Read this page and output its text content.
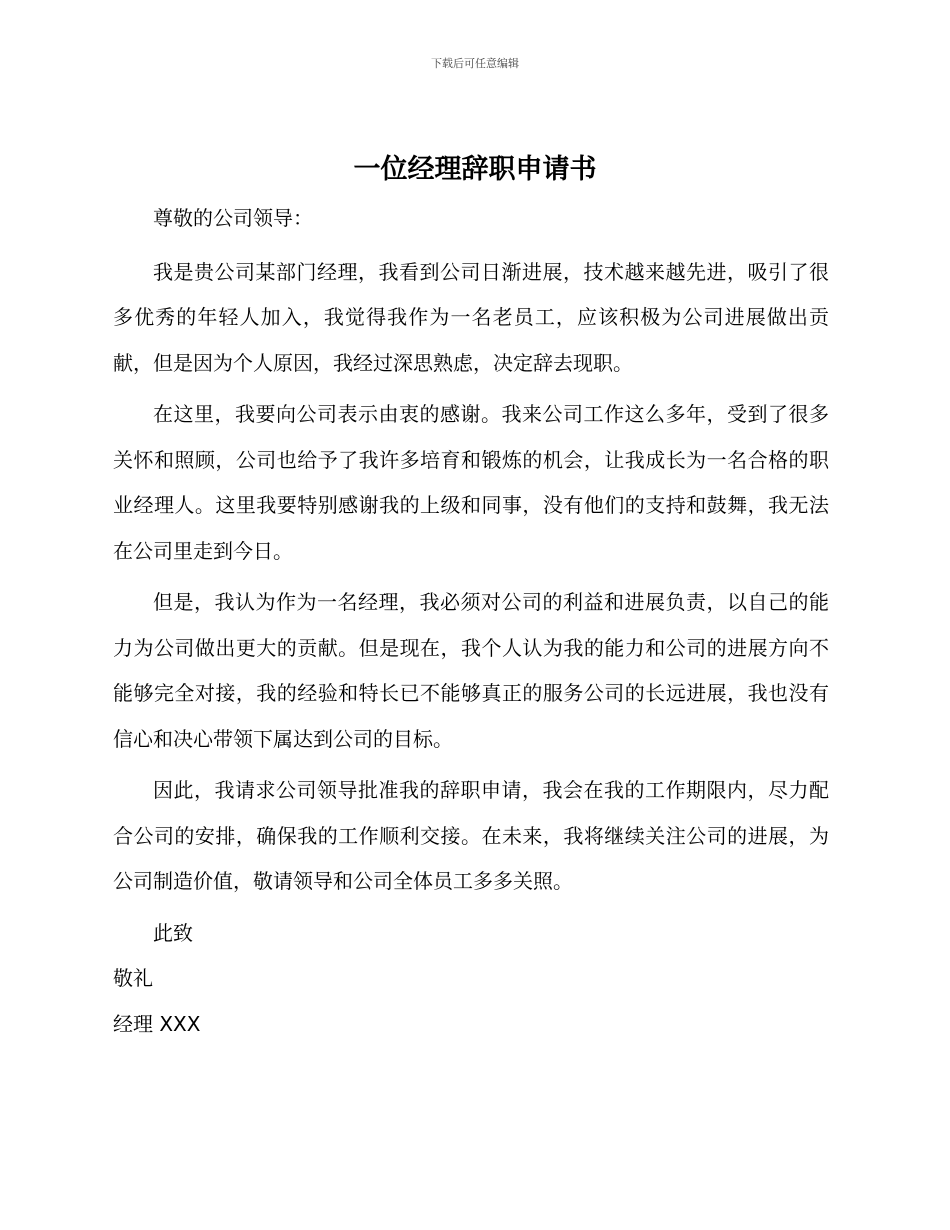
下载后可任意编辑
一位经理辞职申请书

尊敬的公司领导：

我是贵公司某部门经理，我看到公司日渐进展，技术越来越先进，吸引了很多优秀的年轻人加入，我觉得我作为一名老员工，应该积极为公司进展做出贡献，但是因为个人原因，我经过深思熟虑，决定辞去现职。

在这里，我要向公司表示由衷的感谢。我来公司工作这么多年，受到了很多关怀和照顾，公司也给予了我许多培育和锻炼的机会，让我成长为一名合格的职业经理人。这里我要特别感谢我的上级和同事，没有他们的支持和鼓舞，我无法在公司里走到今日。

但是，我认为作为一名经理，我必须对公司的利益和进展负责，以自己的能力为公司做出更大的贡献。但是现在，我个人认为我的能力和公司的进展方向不能够完全对接，我的经验和特长已不能够真正的服务公司的长远进展，我也没有信心和决心带领下属达到公司的目标。

因此，我请求公司领导批准我的辞职申请，我会在我的工作期限内，尽力配合公司的安排，确保我的工作顺利交接。在未来，我将继续关注公司的进展，为公司制造价值，敬请领导和公司全体员工多多关照。

此致

敬礼

经理 XXX
